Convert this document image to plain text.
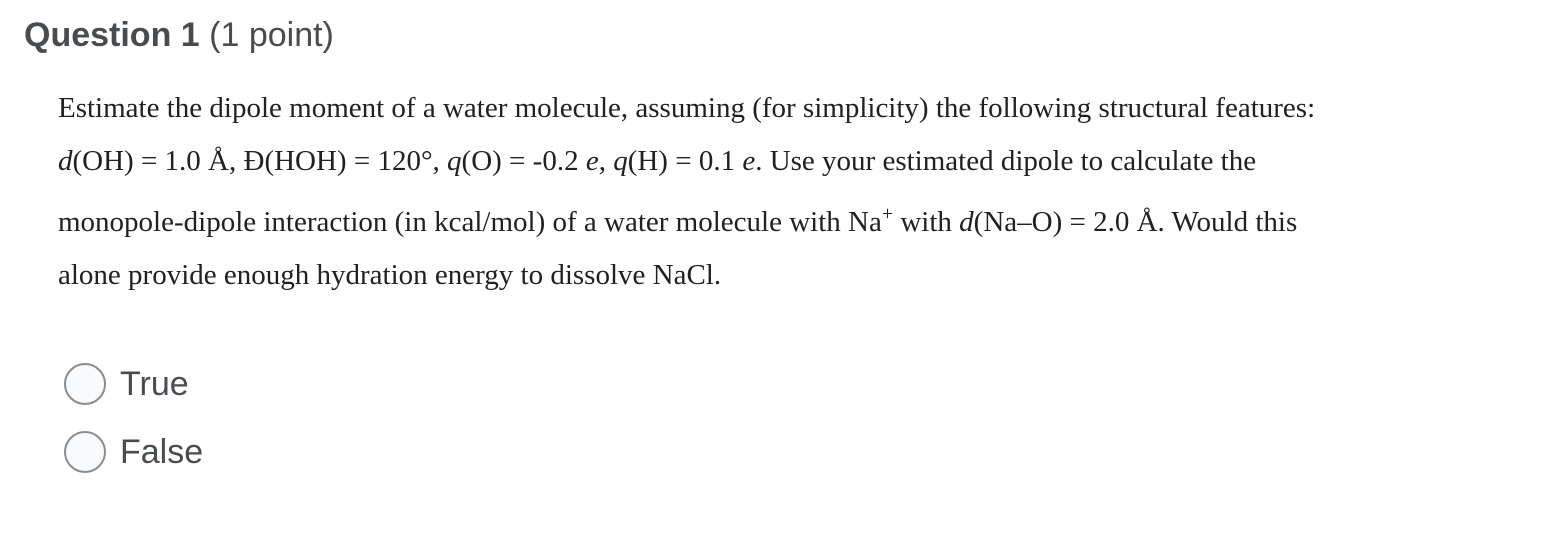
Question 1 (1 point)
Estimate the dipole moment of a water molecule, assuming (for simplicity) the following structural features:
d(OH) = 1.0 Å, Đ(HOH) = 120°, q(O) = -0.2 e, q(H) = 0.1 e. Use your estimated dipole to calculate the
monopole-dipole interaction (in kcal/mol) of a water molecule with Na+ with d(Na–O) = 2.0 Å. Would this
alone provide enough hydration energy to dissolve NaCl.
True
False
